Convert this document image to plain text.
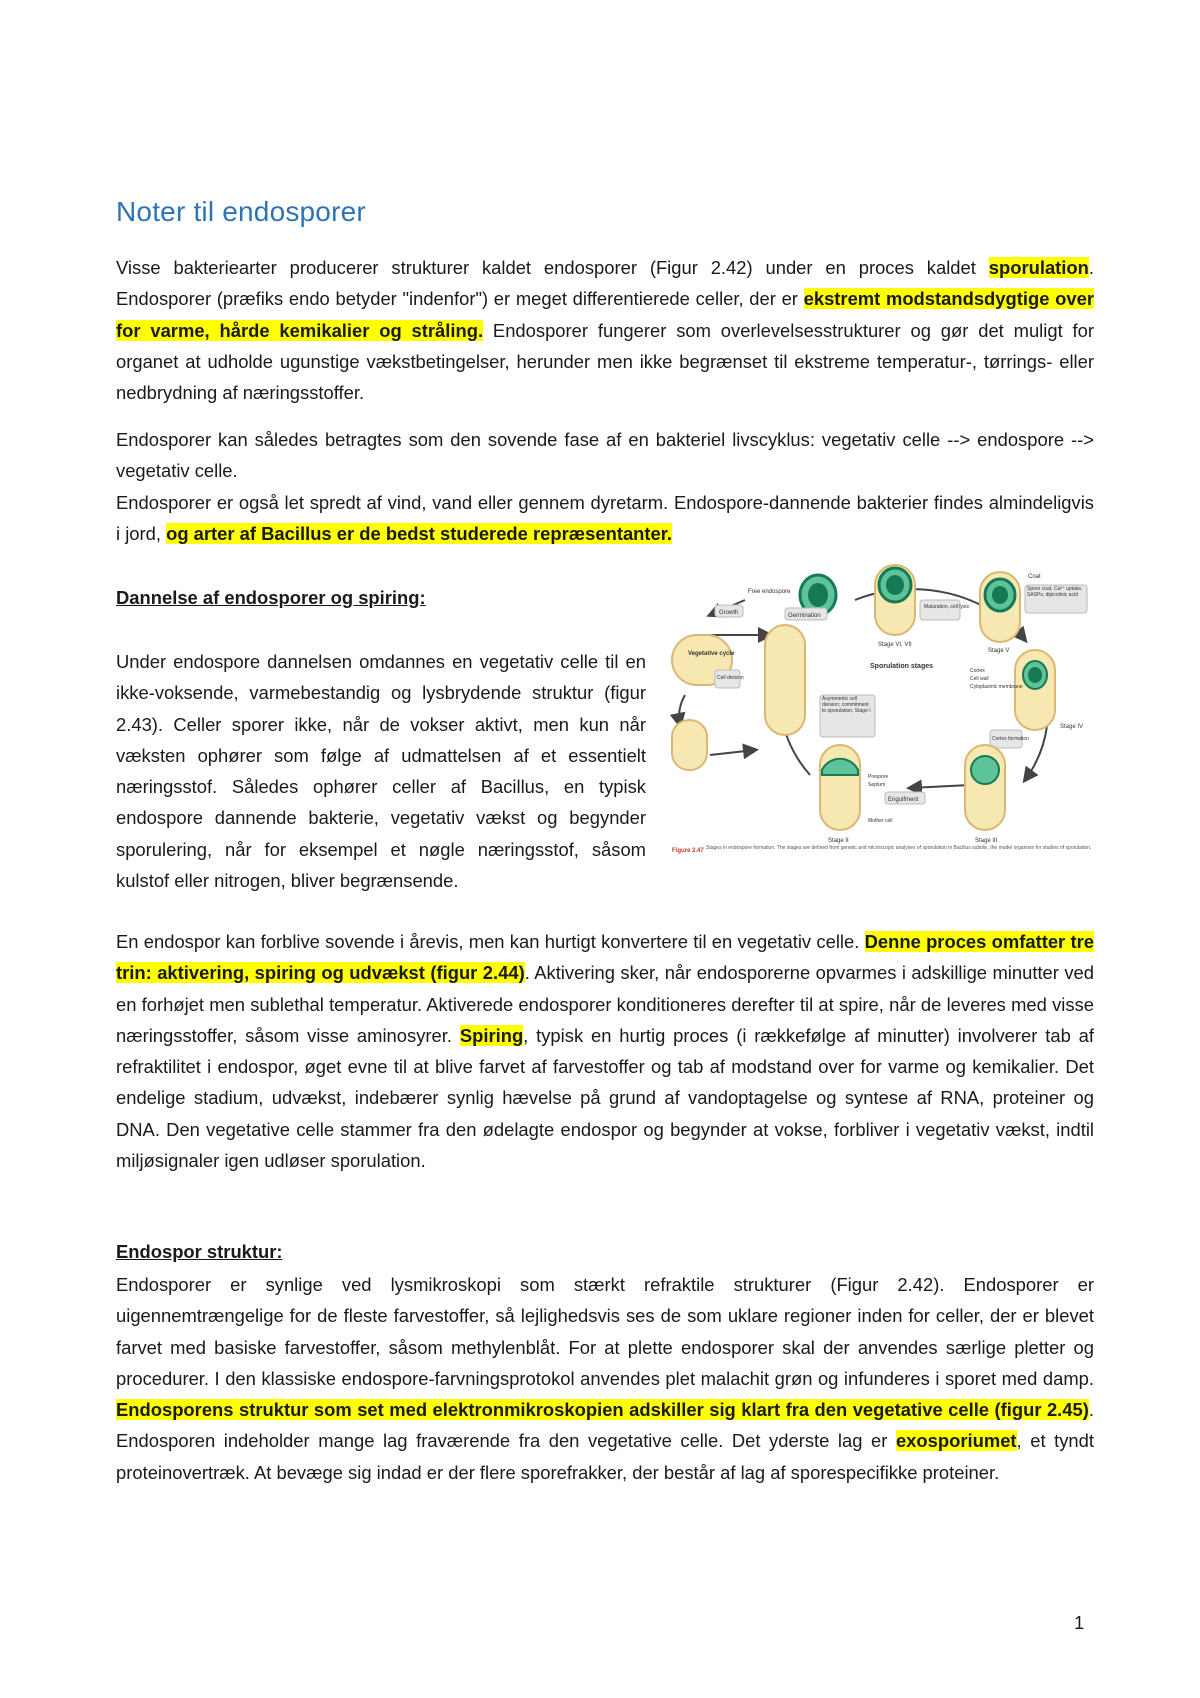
Noter til endosporer

Visse bakteriearter producerer strukturer kaldet endosporer (Figur 2.42) under en proces kaldet sporulation. Endosporer (præfiks endo betyder "indenfor") er meget differentierede celler, der er ekstremt modstandsdygtige over for varme, hårde kemikalier og stråling. Endosporer fungerer som overlevelsesstrukturer og gør det muligt for organet at udholde ugunstige vækstbetingelser, herunder men ikke begrænset til ekstreme temperatur-, tørrings- eller nedbrydning af næringsstoffer.

Endosporer kan således betragtes som den sovende fase af en bakteriel livscyklus: vegetativ celle --> endospore --> vegetativ celle.

Endosporer er også let spredt af vind, vand eller gennem dyretarm. Endospore-dannende bakterier findes almindeligvis i jord, og arter af Bacillus er de bedst studerede repræsentanter.

Dannelse af endosporer og spiring:

Under endospore dannelsen omdannes en vegetativ celle til en ikke-voksende, varmebestandig og lysbrydende struktur (figur 2.43). Celler sporer ikke, når de vokser aktivt, men kun når væksten ophører som følge af udmattelsen af et essentielt næringsstof. Således ophører celler af Bacillus, en typisk endospore dannende bakterie, vegetativ vækst og begynder sporulering, når for eksempel et nøgle næringsstof, såsom kulstof eller nitrogen, bliver begrænsende.

En endospor kan forblive sovende i årevis, men kan hurtigt konvertere til en vegetativ celle. Denne proces omfatter tre trin: aktivering, spiring og udvækst (figur 2.44). Aktivering sker, når endosporerne opvarmes i adskillige minutter ved en forhøjet men sublethal temperatur. Aktiverede endosporer konditioneres derefter til at spire, når de leveres med visse næringsstoffer, såsom visse aminosyrer. Spiring, typisk en hurtig proces (i rækkefølge af minutter) involverer tab af refraktilitet i endospor, øget evne til at blive farvet af farvestoffer og tab af modstand over for varme og kemikalier. Det endelige stadium, udvækst, indebærer synlig hævelse på grund af vandoptagelse og syntese af RNA, proteiner og DNA. Den vegetative celle stammer fra den ødelagte endospor og begynder at vokse, forbliver i vegetativ vækst, indtil miljøsignaler igen udløser sporulation.

Endospor struktur:

Endosporer er synlige ved lysmikroskopi som stærkt refraktile strukturer (Figur 2.42). Endosporer er uigennemtrængelige for de fleste farvestoffer, så lejlighedsvis ses de som uklare regioner inden for celler, der er blevet farvet med basiske farvestoffer, såsom methylenblåt. For at plette endosporer skal der anvendes særlige pletter og procedurer. I den klassiske endospore-farvningsprotokol anvendes plet malachit grøn og infunderes i sporet med damp. Endosporens struktur som set med elektronmikroskopien adskiller sig klart fra den vegetative celle (figur 2.45). Endosporen indeholder mange lag fraværende fra den vegetative celle. Det yderste lag er exosporiumet, et tyndt proteinovertræk. At bevæge sig indad er der flere sporefrakker, der består af lag af sporespecifikke proteiner.

Free endospore
Stage VI, VII
Maturation, cell lysis
Stage V
Coat
Spore coat, Ca²⁺ uptake, SASPs, dipicolinic acid
Growth	Germination
Vegetative cycle
Cell division
Sporulation stages
Asymmetric cell division; commitment to sporulation, Stage I
Cortex
Cell wall
Cytoplasmic membrane
Stage IV
Cortex formation
Stage II
Prespore
Septum
Engulfment
Mother cell
Stage III
Figure 2.47 Stages in endospore formation. The stages are defined from genetic and microscopic analyses of sporulation in Bacillus subtilis, the model organism for studies of sporulation.
1
